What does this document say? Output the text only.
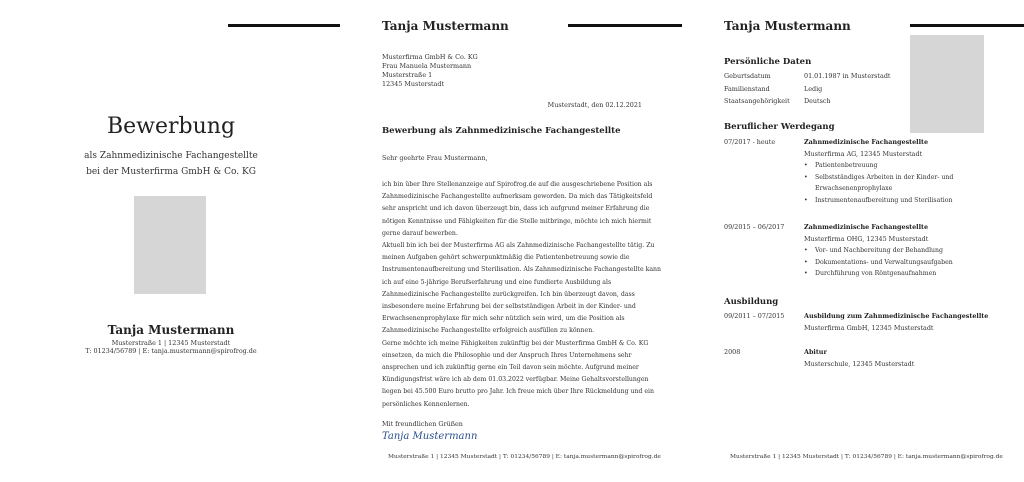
Bewerbung
als Zahnmedizinische Fachangestellte
bei der Musterfirma GmbH & Co. KG
Tanja Mustermann
Musterstraße 1 | 12345 Musterstadt
T: 01234/56789 | E: tanja.mustermann@spirofrog.de
Tanja Mustermann
Musterfirma GmbH & Co. KG
Frau Manuela Mustermann
Musterstraße 1
12345 Musterstadt
Musterstadt, den 02.12.2021
Bewerbung als Zahnmedizinische Fachangestellte
Sehr geehrte Frau Mustermann,
ich bin über Ihre Stellenanzeige auf Spirofrog.de auf die ausgeschriebene Position als
Zahnmedizinische Fachangestellte aufmerksam geworden. Da mich das Tätigkeitsfeld
sehr anspricht und ich davon überzeugt bin, dass ich aufgrund meiner Erfahrung die
nötigen Kenntnisse und Fähigkeiten für die Stelle mitbringe, möchte ich mich hiermit
gerne darauf bewerben.
Aktuell bin ich bei der Musterfirma AG als Zahnmedizinische Fachangestellte tätig. Zu
meinen Aufgaben gehört schwerpunktmäßig die Patientenbetreuung sowie die
Instrumentenaufbereitung und Sterilisation. Als Zahnmedizinische Fachangestellte kann
ich auf eine 5-jährige Berufserfahrung und eine fundierte Ausbildung als
Zahnmedizinische Fachangestellte zurückgreifen. Ich bin überzeugt davon, dass
insbesondere meine Erfahrung bei der selbstständigen Arbeit in der Kinder- und
Erwachsenenprophylaxe für mich sehr nützlich sein wird, um die Position als
Zahnmedizinische Fachangestellte erfolgreich ausfüllen zu können.
Gerne möchte ich meine Fähigkeiten zukünftig bei der Musterfirma GmbH & Co. KG
einsetzen, da mich die Philosophie und der Anspruch Ihres Unternehmens sehr
ansprechen und ich zukünftig gerne ein Teil davon sein möchte. Aufgrund meiner
Kündigungsfrist wäre ich ab dem 01.03.2022 verfügbar. Meine Gehaltsvorstellungen
liegen bei 45.500 Euro brutto pro Jahr. Ich freue mich über Ihre Rückmeldung und ein
persönliches Kennenlernen.
Mit freundlichen Grüßen
Tanja Mustermann
Musterstraße 1 | 12345 Musterstadt | T: 01234/56789 | E: tanja.mustermann@spirofrog.de
Tanja Mustermann
Persönliche Daten
Geburtsdatum	01.01.1987 in Musterstadt
Familienstand	Ledig
Staatsangehörigkeit Deutsch
Beruflicher Werdegang
07/2017 - heute	Zahnmedizinische Fachangestellte
Musterfirma AG, 12345 Musterstadt
• Patientenbetreuung
• Selbstständiges Arbeiten in der Kinder- und
Erwachsenenprophylaxe
• Instrumentenaufbereitung und Sterilisation
09/2015 – 06/2017	Zahnmedizinische Fachangestellte
Musterfirma OHG, 12345 Musterstadt
• Vor- und Nachbereitung der Behandlung
• Dokumentations- und Verwaltungsaufgaben
• Durchführung von Röntgenaufnahmen
Ausbildung
09/2011 – 07/2015	Ausbildung zum Zahnmedizinische Fachangestellte
Musterfirma GmbH, 12345 Musterstadt
2008	Abitur
Musterschule, 12345 Musterstadt
Musterstraße 1 | 12345 Musterstadt | T: 01234/56789 | E: tanja.mustermann@spirofrog.de
